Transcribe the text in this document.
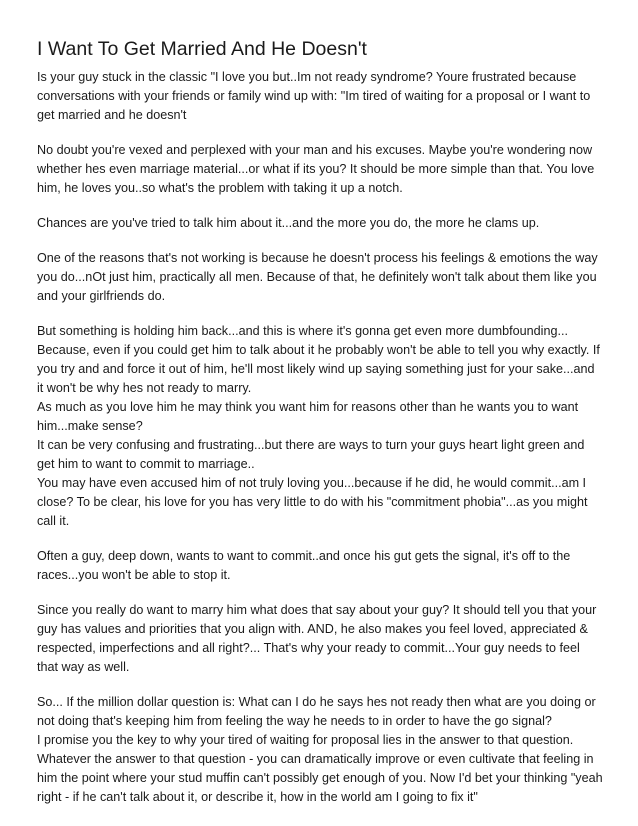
I Want To Get Married And He Doesn't

Is your guy stuck in the classic "I love you but..Im not ready syndrome? Youre frustrated because conversations with your friends or family wind up with: "Im tired of waiting for a proposal or I want to get married and he doesn't

No doubt you're vexed and perplexed with your man and his excuses. Maybe you're wondering now whether hes even marriage material...or what if its you? It should be more simple than that. You love him, he loves you..so what's the problem with taking it up a notch.

Chances are you've tried to talk him about it...and the more you do, the more he clams up.

One of the reasons that's not working is because he doesn't process his feelings & emotions the way you do...nOt just him, practically all men. Because of that, he definitely won't talk about them like you and your girlfriends do.

But something is holding him back...and this is where it's gonna get even more dumbfounding... Because, even if you could get him to talk about it he probably won't be able to tell you why exactly. If you try and and force it out of him, he'll most likely wind up saying something just for your sake...and it won't be why hes not ready to marry.

As much as you love him he may think you want him for reasons other than he wants you to want him...make sense?

It can be very confusing and frustrating...but there are ways to turn your guys heart light green and get him to want to commit to marriage..

You may have even accused him of not truly loving you...because if he did, he would commit...am I close? To be clear, his love for you has very little to do with his "commitment phobia"...as you might call it.

Often a guy, deep down, wants to want to commit..and once his gut gets the signal, it's off to the races...you won't be able to stop it.

Since you really do want to marry him what does that say about your guy? It should tell you that your guy has values and priorities that you align with. AND, he also makes you feel loved, appreciated & respected, imperfections and all right?... That's why your ready to commit...Your guy needs to feel that way as well.

So... If the million dollar question is: What can I do he says hes not ready then what are you doing or not doing that's keeping him from feeling the way he needs to in order to have the go signal?

I promise you the key to why your tired of waiting for proposal lies in the answer to that question.

Whatever the answer to that question - you can dramatically improve or even cultivate that feeling in him the point where your stud muffin can't possibly get enough of you. Now I'd bet your thinking "yeah right - if he can't talk about it, or describe it, how in the world am I going to fix it"
